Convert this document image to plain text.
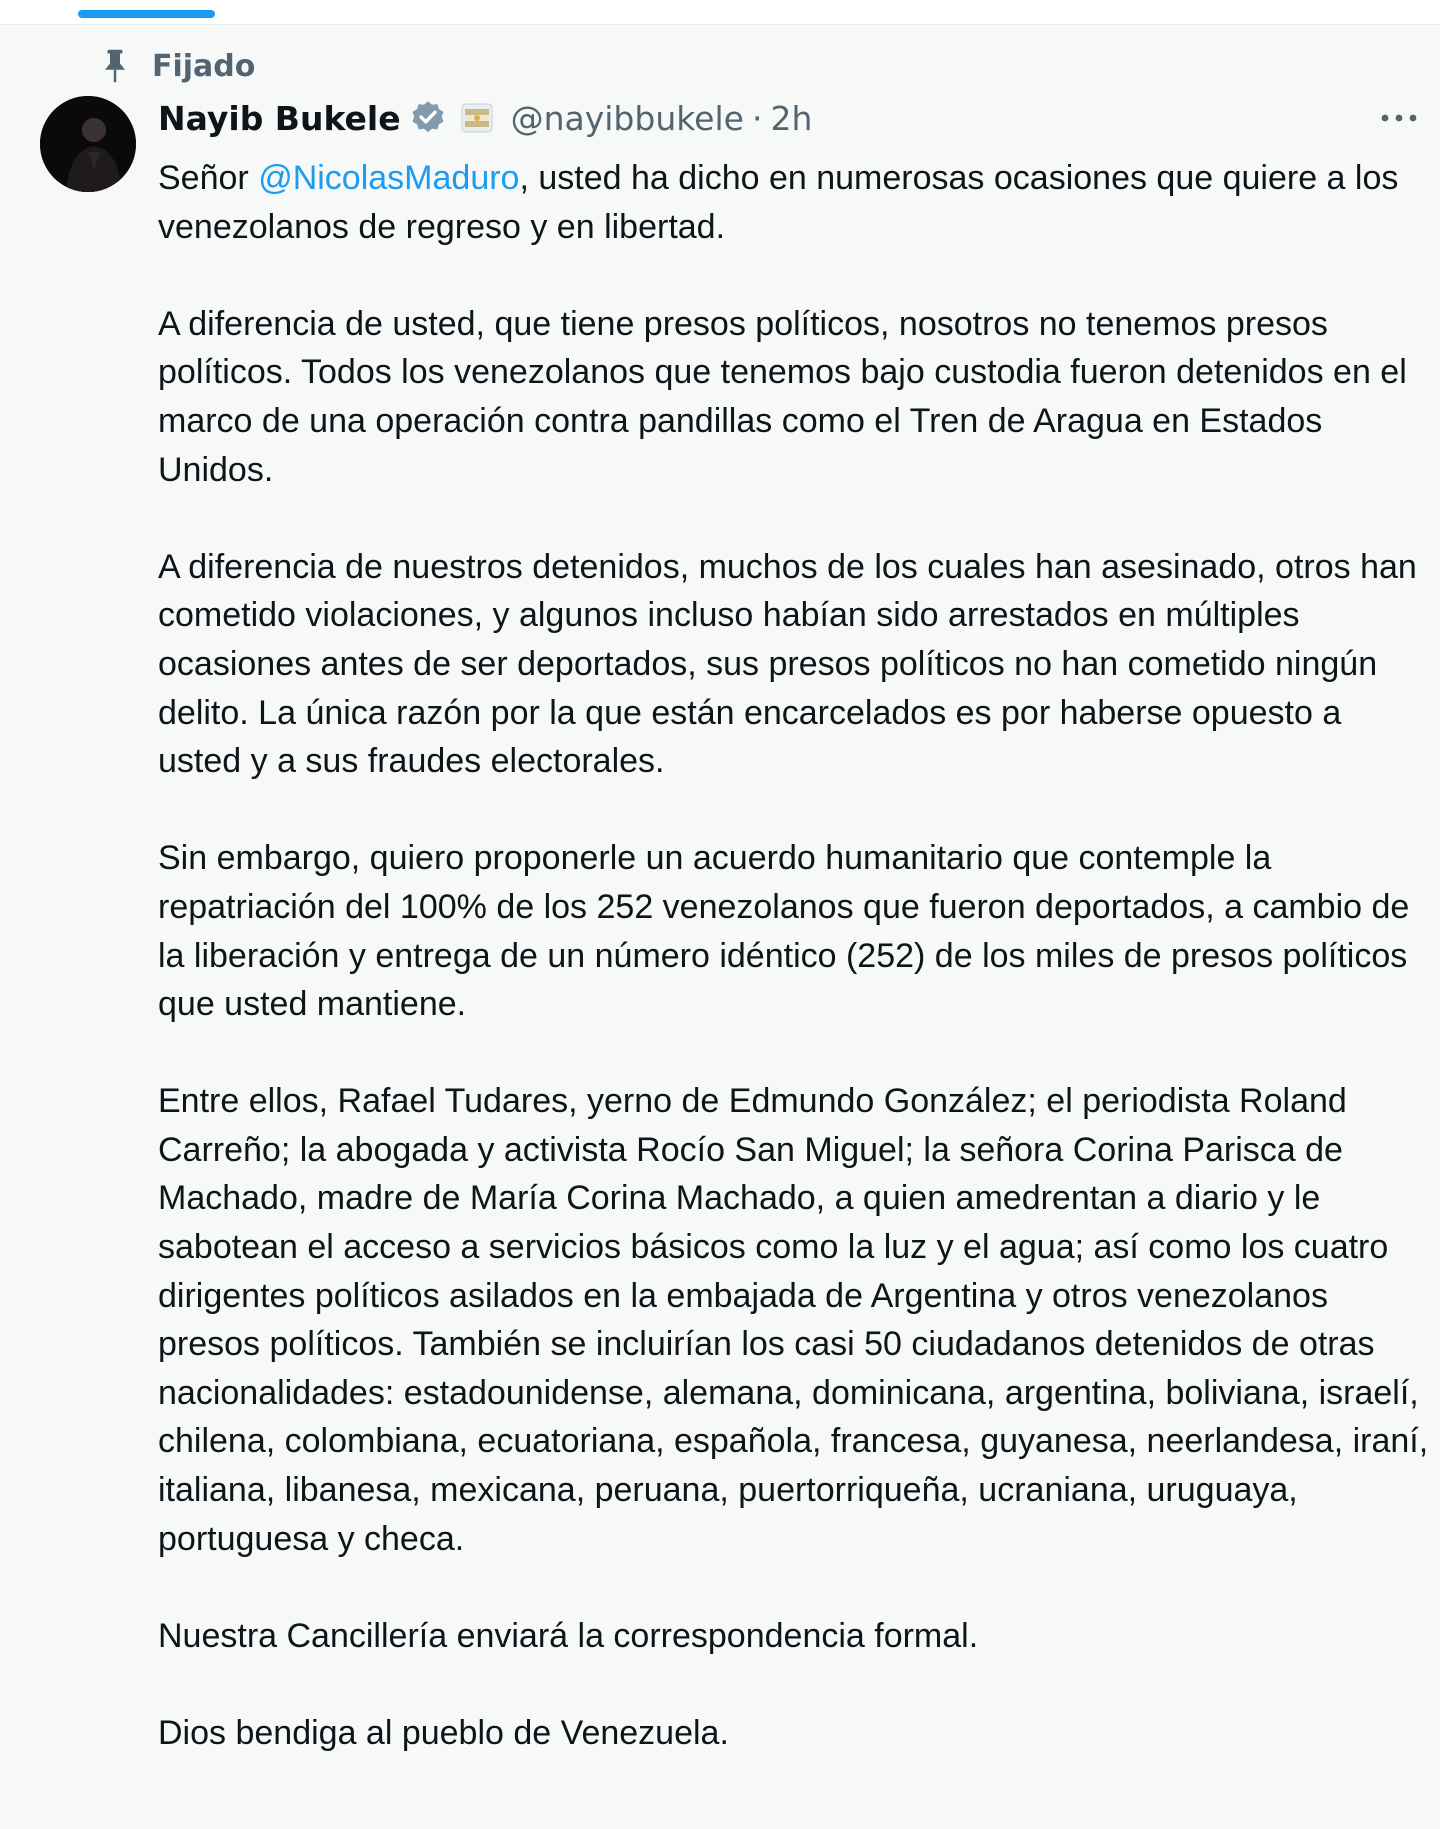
Fijado
Nayib Bukele	@nayibbukele · 2h

Señor @NicolasMaduro, usted ha dicho en numerosas ocasiones que quiere a los venezolanos de regreso y en libertad.

A diferencia de usted, que tiene presos políticos, nosotros no tenemos presos políticos. Todos los venezolanos que tenemos bajo custodia fueron detenidos en el marco de una operación contra pandillas como el Tren de Aragua en Estados Unidos.

A diferencia de nuestros detenidos, muchos de los cuales han asesinado, otros han cometido violaciones, y algunos incluso habían sido arrestados en múltiples ocasiones antes de ser deportados, sus presos políticos no han cometido ningún delito. La única razón por la que están encarcelados es por haberse opuesto a usted y a sus fraudes electorales.

Sin embargo, quiero proponerle un acuerdo humanitario que contemple la repatriación del 100% de los 252 venezolanos que fueron deportados, a cambio de la liberación y entrega de un número idéntico (252) de los miles de presos políticos que usted mantiene.

Entre ellos, Rafael Tudares, yerno de Edmundo González; el periodista Roland Carreño; la abogada y activista Rocío San Miguel; la señora Corina Parisca de Machado, madre de María Corina Machado, a quien amedrentan a diario y le sabotean el acceso a servicios básicos como la luz y el agua; así como los cuatro dirigentes políticos asilados en la embajada de Argentina y otros venezolanos presos políticos. También se incluirían los casi 50 ciudadanos detenidos de otras nacionalidades: estadounidense, alemana, dominicana, argentina, boliviana, israelí, chilena, colombiana, ecuatoriana, española, francesa, guyanesa, neerlandesa, iraní, italiana, libanesa, mexicana, peruana, puertorriqueña, ucraniana, uruguaya, portuguesa y checa.

Nuestra Cancillería enviará la correspondencia formal.

Dios bendiga al pueblo de Venezuela.
